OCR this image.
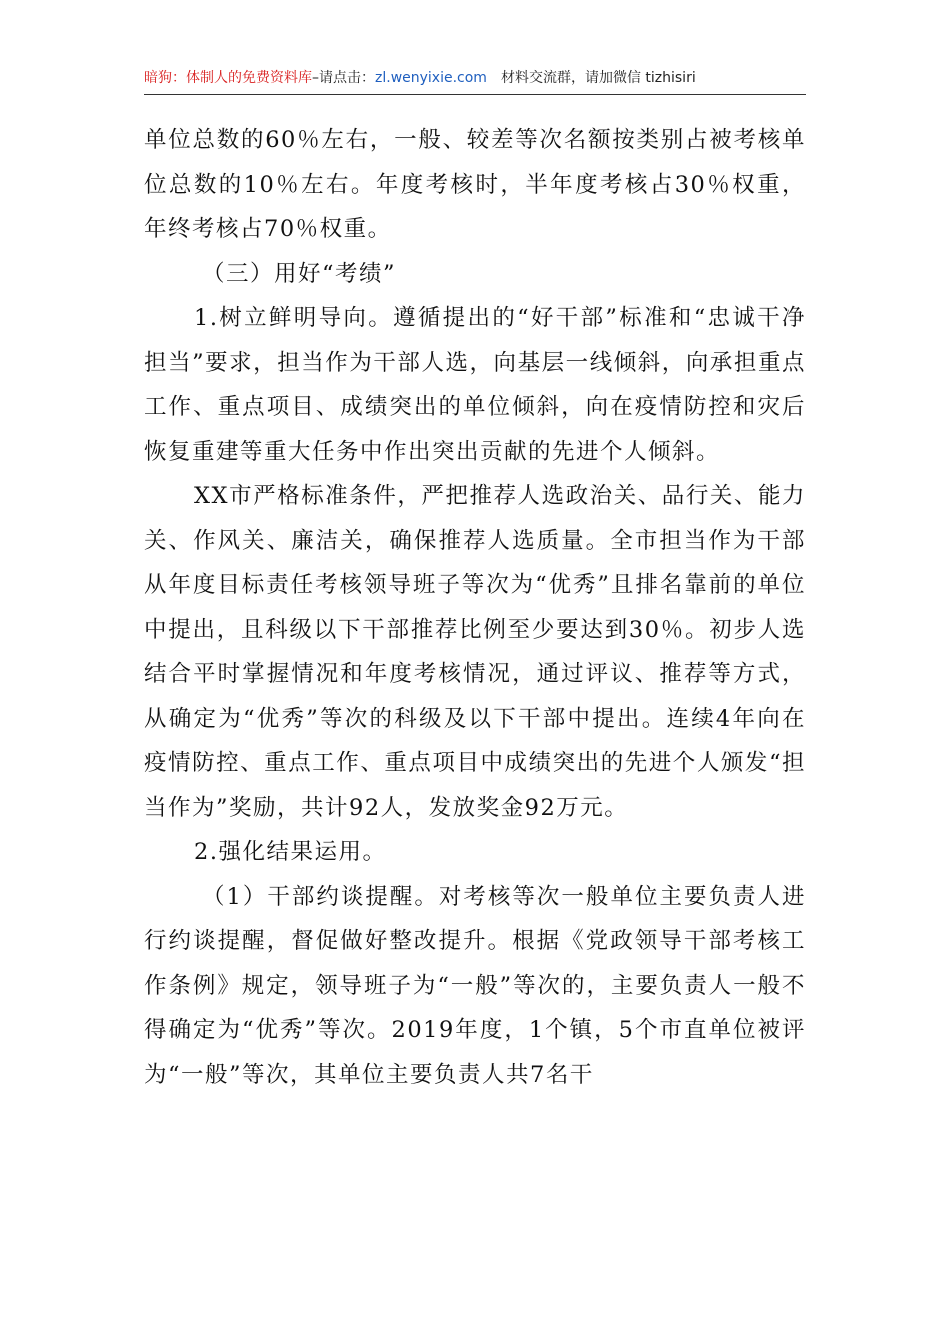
暗狗：体制人的免费资料库–请点击：zl.wenyixie.com 材料交流群，请加微信 tizhisiri

单位总数的60％左右，一般、较差等次名额按类别占被考核单位总数的10％左右。年度考核时，半年度考核占30％权重，年终考核占70％权重。

（三）用好“考绩”

1.树立鲜明导向。遵循提出的“好干部”标准和“忠诚干净担当”要求，担当作为干部人选，向基层一线倾斜，向承担重点工作、重点项目、成绩突出的单位倾斜，向在疫情防控和灾后恢复重建等重大任务中作出突出贡献的先进个人倾斜。

XX市严格标准条件，严把推荐人选政治关、品行关、能力关、作风关、廉洁关，确保推荐人选质量。全市担当作为干部从年度目标责任考核领导班子等次为“优秀”且排名靠前的单位中提出，且科级以下干部推荐比例至少要达到30％。初步人选结合平时掌握情况和年度考核情况，通过评议、推荐等方式，从确定为“优秀”等次的科级及以下干部中提出。连续4年向在疫情防控、重点工作、重点项目中成绩突出的先进个人颁发“担当作为”奖励，共计92人，发放奖金92万元。

2.强化结果运用。

（1）干部约谈提醒。对考核等次一般单位主要负责人进行约谈提醒，督促做好整改提升。根据《党政领导干部考核工作条例》规定，领导班子为“一般”等次的，主要负责人一般不得确定为“优秀”等次。2019年度，1个镇，5个市直单位被评为“一般”等次，其单位主要负责人共7名干
